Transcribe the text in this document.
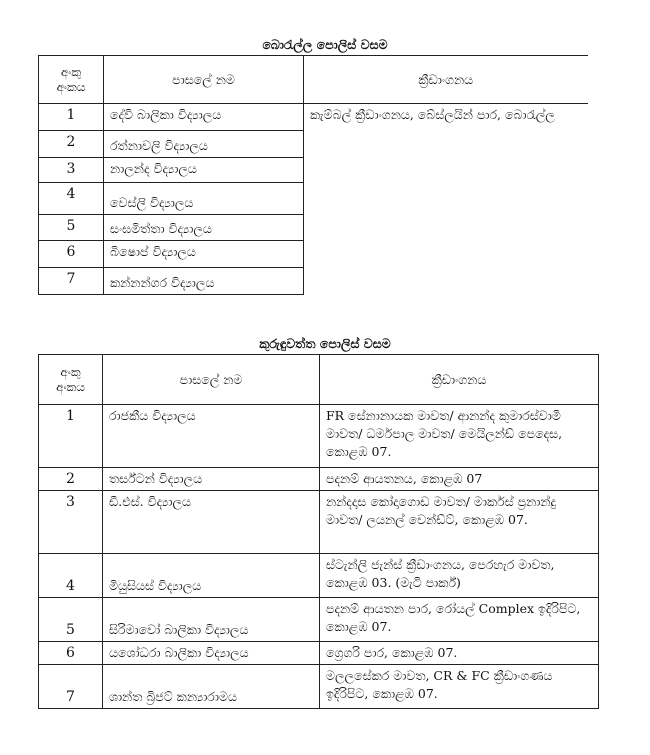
බොරැල්ල පොලිස් වසම
අංකු අංකය	පාසලේ නම	ක්‍රීඩාංගනය
1	දේවි බාලිකා විද්‍යාලය	කැම්බල් ක්‍රීඩාංගනය, බේස්ලයින් පාර, බොරැල්ල
2	රත්නාවලි විද්‍යාලය	
3	නාලන්ද විද්‍යාලය	
4	වෙස්ලි විද්‍යාලය	
5	සංඝමිත්තා විද්‍යාලය	
6	බිෂොප් විද්‍යාලය	
7	කන්නන්ගර විද්‍යාලය	
කුරුඳුවත්ත පොලිස් වසම
අංකු අංකය	පාසලේ නම	ක්‍රීඩාංගනය
1	රාජකීය විද්‍යාලය	FR සේනානායක මාවත/ ආනන්ද කුමාරස්වාමි මාවත/ ධර්මපාල මාවත/ මෙයිලන්ඩ් පෙදෙස, කොළඹ 07.
2	තර්ස්ටන් විද්‍යාලය	පදනම් ආයතනය, කොළඹ 07
3	ඩී.එස්. විද්‍යාලය	නන්දදාස කෝදාගොඩ මාවත/ මාර්කස් ප්‍රනාන්දු මාවත/ ලයනල් වෙන්ඩ්ට්, කොළඹ 07.
4	මියුසියස් විද්‍යාලය	ස්ටැන්ලි ජැන්ස් ක්‍රීඩාංගනය, පෙරහැර මාවත, කොළඹ 03. (මැටි පාර්ක්)
5	සිරිමාවෝ බාලිකා විද්‍යාලය	පදනම් ආයතන පාර, රෝයල් Complex ඉදිරිපිට, කොළඹ 07.
6	යශෝධරා බාලිකා විද්‍යාලය	ග්‍රෙගරි පාර, කොළඹ 07.
7	ශාන්ත බ්‍රිජට් කන්‍යාරාමය	මලලසේකර මාවත, CR & FC ක්‍රීඩාංගණය ඉදිරිපිට, කොළඹ 07.
